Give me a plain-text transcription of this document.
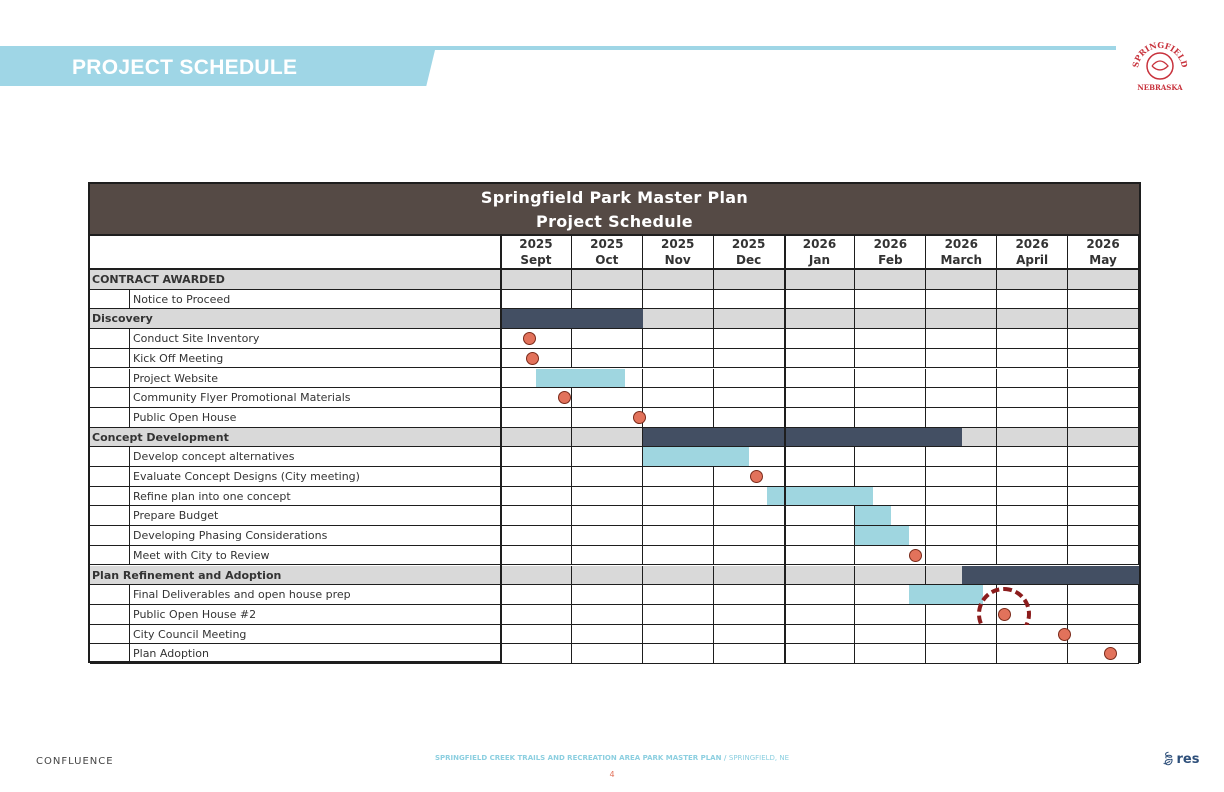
PROJECT SCHEDULE	SPRINGFIELD
NEBRASKA
Springfield Park Master Plan
Project Schedule
2025
Sept
2025
Oct
2025
Nov
2025
Dec
2026
Jan
2026
Feb
2026
March
2026
April
2026
May
CONTRACT AWARDED
Notice to Proceed
Discovery
Conduct Site Inventory
Kick Off Meeting
Project Website
Community Flyer Promotional Materials
Public Open House
Concept Development
Develop concept alternatives
Evaluate Concept Designs (City meeting)
Refine plan into one concept
Prepare Budget
Developing Phasing Considerations
Meet with City to Review
Plan Refinement and Adoption
Final Deliverables and open house prep
Public Open House #2
City Council Meeting
Plan Adoption
CONFLUENCE	SPRINGFIELD CREEK TRAILS AND RECREATION AREA PARK MASTER PLAN / SPRINGFIELD, NE
4
🍃︎res
